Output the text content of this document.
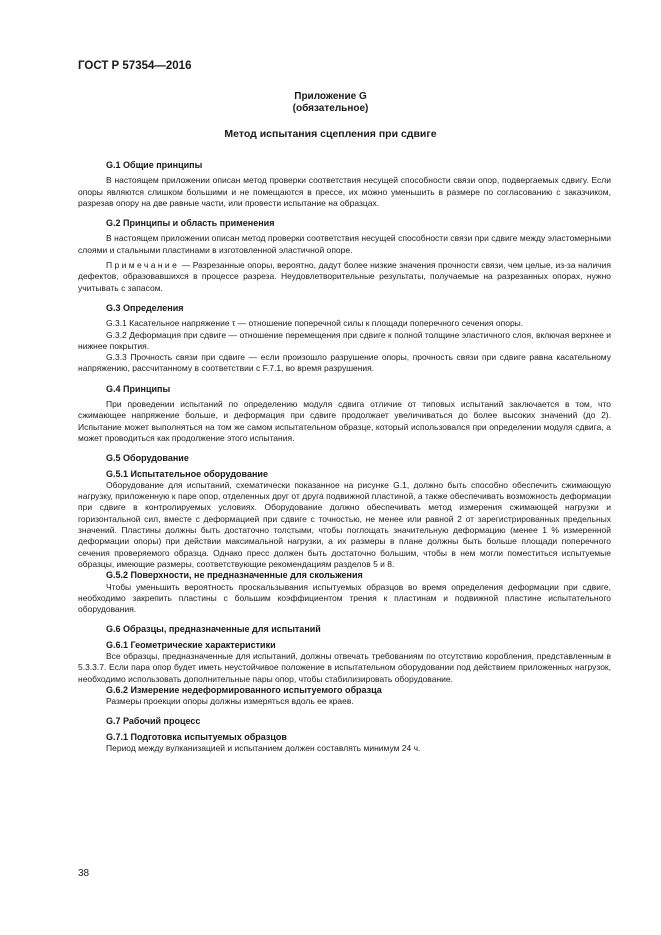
ГОСТ Р 57354—2016
Приложение G
(обязательное)
Метод испытания сцепления при сдвиге
G.1 Общие принципы

В настоящем приложении описан метод проверки соответствия несущей способности связи опор, подвергаемых сдвигу. Если опоры являются слишком большими и не помещаются в прессе, их можно уменьшить в размере по согласованию с заказчиком, разрезав опору на две равные части, или провести испытание на образцах.

G.2 Принципы и область применения

В настоящем приложении описан метод проверки соответствия несущей способности связи при сдвиге между эластомерными слоями и стальными пластинами в изготовленной эластичной опоре.

Примечание — Разрезанные опоры, вероятно, дадут более низкие значения прочности связи, чем целые, из-за наличия дефектов, образовавшихся в процессе разреза. Неудовлетворительные результаты, получаемые на разрезанных опорах, нужно учитывать с запасом.

G.3 Определения

G.3.1 Касательное напряжение τ — отношение поперечной силы к площади поперечного сечения опоры.

G.3.2 Деформация при сдвиге — отношение перемещения при сдвиге к полной толщине эластичного слоя, включая верхнее и нижнее покрытия.

G.3.3 Прочность связи при сдвиге — если произошло разрушение опоры, прочность связи при сдвиге равна касательному напряжению, рассчитанному в соответствии с F.7.1, во время разрушения.

G.4 Принципы

При проведении испытаний по определению модуля сдвига отличие от типовых испытаний заключается в том, что сжимающее напряжение больше, и деформация при сдвиге продолжает увеличиваться до более высоких значений (до 2). Испытание может выполняться на том же самом испытательном образце, который использовался при определении модуля сдвига, а может проводиться как продолжение этого испытания.

G.5 Оборудование
G.5.1 Испытательное оборудование

Оборудование для испытаний, схематически показанное на рисунке G.1, должно быть способно обеспечить сжимающую нагрузку, приложенную к паре опор, отделенных друг от друга подвижной пластиной, а также обеспечивать возможность деформации при сдвиге в контролируемых условиях. Оборудование должно обеспечивать метод измерения сжимающей нагрузки и горизонтальной сил, вместе с деформацией при сдвиге с точностью, не менее или равной 2 от зарегистрированных предельных значений. Пластины должны быть достаточно толстыми, чтобы поглощать значительную деформацию (менее 1 % измеренной деформации опоры) при действии максимальной нагрузки, а их размеры в плане должны быть больше площади поперечного сечения проверяемого образца. Однако пресс должен быть достаточно большим, чтобы в нем могли поместиться испытуемые образцы, имеющие размеры, соответствующие рекомендациям разделов 5 и 8.

G.5.2 Поверхности, не предназначенные для скольжения

Чтобы уменьшить вероятность проскальзывания испытуемых образцов во время определения деформации при сдвиге, необходимо закрепить пластины с большим коэффициентом трения к пластинам и подвижной пластине испытательного оборудования.

G.6 Образцы, предназначенные для испытаний
G.6.1 Геометрические характеристики

Все образцы, предназначенные для испытаний, должны отвечать требованиям по отсутствию коробления, представленным в 5.3.3.7. Если пара опор будет иметь неустойчивое положение в испытательном оборудовании под действием приложенных нагрузок, необходимо использовать дополнительные пары опор, чтобы стабилизировать оборудование.

G.6.2 Измерение недеформированного испытуемого образца

Размеры проекции опоры должны измеряться вдоль ее краев.

G.7 Рабочий процесс
G.7.1 Подготовка испытуемых образцов

Период между вулканизацией и испытанием должен составлять минимум 24 ч.

38
